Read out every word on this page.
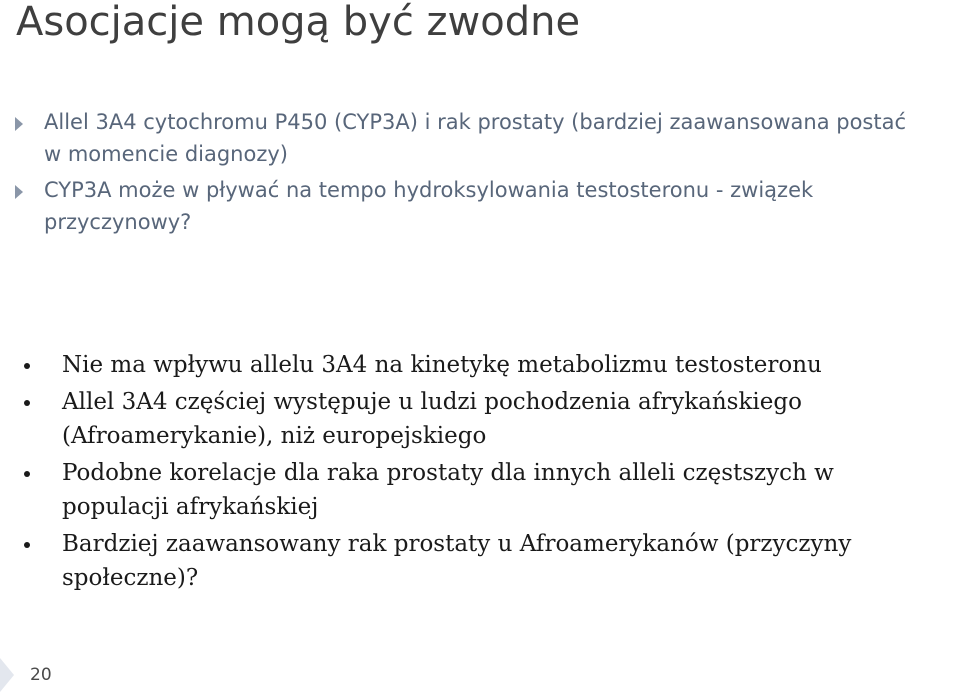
Asocjacje mogą być zwodne
Allel 3A4 cytochromu P450 (CYP3A) i rak prostaty (bardziej zaawansowana postać w momencie diagnozy)
CYP3A może w pływać na tempo hydroksylowania testosteronu - związek przyczynowy?
Nie ma wpływu allelu 3A4 na kinetykę metabolizmu testosteronu
Allel 3A4 częściej występuje u ludzi pochodzenia afrykańskiego (Afroamerykanie), niż europejskiego
Podobne korelacje dla raka prostaty dla innych alleli częstszych w populacji afrykańskiej
Bardziej zaawansowany rak prostaty u Afroamerykanów (przyczyny społeczne)?
20
